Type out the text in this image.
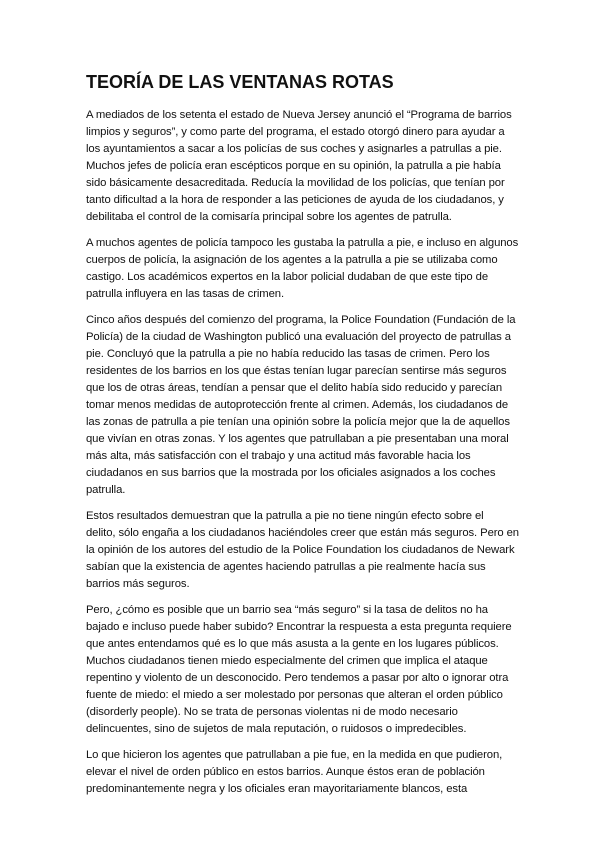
TEORÍA DE LAS VENTANAS ROTAS

A mediados de los setenta el estado de Nueva Jersey anunció el “Programa de barrios
limpios y seguros”, y como parte del programa, el estado otorgó dinero para ayudar a
los ayuntamientos a sacar a los policías de sus coches y asignarles a patrullas a pie.
Muchos jefes de policía eran escépticos porque en su opinión, la patrulla a pie había
sido básicamente desacreditada. Reducía la movilidad de los policías, que tenían por
tanto dificultad a la hora de responder a las peticiones de ayuda de los ciudadanos, y
debilitaba el control de la comisaría principal sobre los agentes de patrulla.

A muchos agentes de policía tampoco les gustaba la patrulla a pie, e incluso en algunos
cuerpos de policía, la asignación de los agentes a la patrulla a pie se utilizaba como
castigo. Los académicos expertos en la labor policial dudaban de que este tipo de
patrulla influyera en las tasas de crimen.

Cinco años después del comienzo del programa, la Police Foundation (Fundación de la
Policía) de la ciudad de Washington publicó una evaluación del proyecto de patrullas a
pie. Concluyó que la patrulla a pie no había reducido las tasas de crimen. Pero los
residentes de los barrios en los que éstas tenían lugar parecían sentirse más seguros
que los de otras áreas, tendían a pensar que el delito había sido reducido y parecían
tomar menos medidas de autoprotección frente al crimen. Además, los ciudadanos de
las zonas de patrulla a pie tenían una opinión sobre la policía mejor que la de aquellos
que vivían en otras zonas. Y los agentes que patrullaban a pie presentaban una moral
más alta, más satisfacción con el trabajo y una actitud más favorable hacia los
ciudadanos en sus barrios que la mostrada por los oficiales asignados a los coches
patrulla.

Estos resultados demuestran que la patrulla a pie no tiene ningún efecto sobre el
delito, sólo engaña a los ciudadanos haciéndoles creer que están más seguros. Pero en
la opinión de los autores del estudio de la Police Foundation los ciudadanos de Newark
sabían que la existencia de agentes haciendo patrullas a pie realmente hacía sus
barrios más seguros.

Pero, ¿cómo es posible que un barrio sea “más seguro” si la tasa de delitos no ha
bajado e incluso puede haber subido? Encontrar la respuesta a esta pregunta requiere
que antes entendamos qué es lo que más asusta a la gente en los lugares públicos.
Muchos ciudadanos tienen miedo especialmente del crimen que implica el ataque
repentino y violento de un desconocido. Pero tendemos a pasar por alto o ignorar otra
fuente de miedo: el miedo a ser molestado por personas que alteran el orden público
(disorderly people). No se trata de personas violentas ni de modo necesario
delincuentes, sino de sujetos de mala reputación, o ruidosos o impredecibles.

Lo que hicieron los agentes que patrullaban a pie fue, en la medida en que pudieron,
elevar el nivel de orden público en estos barrios. Aunque éstos eran de población
predominantemente negra y los oficiales eran mayoritariamente blancos, esta
